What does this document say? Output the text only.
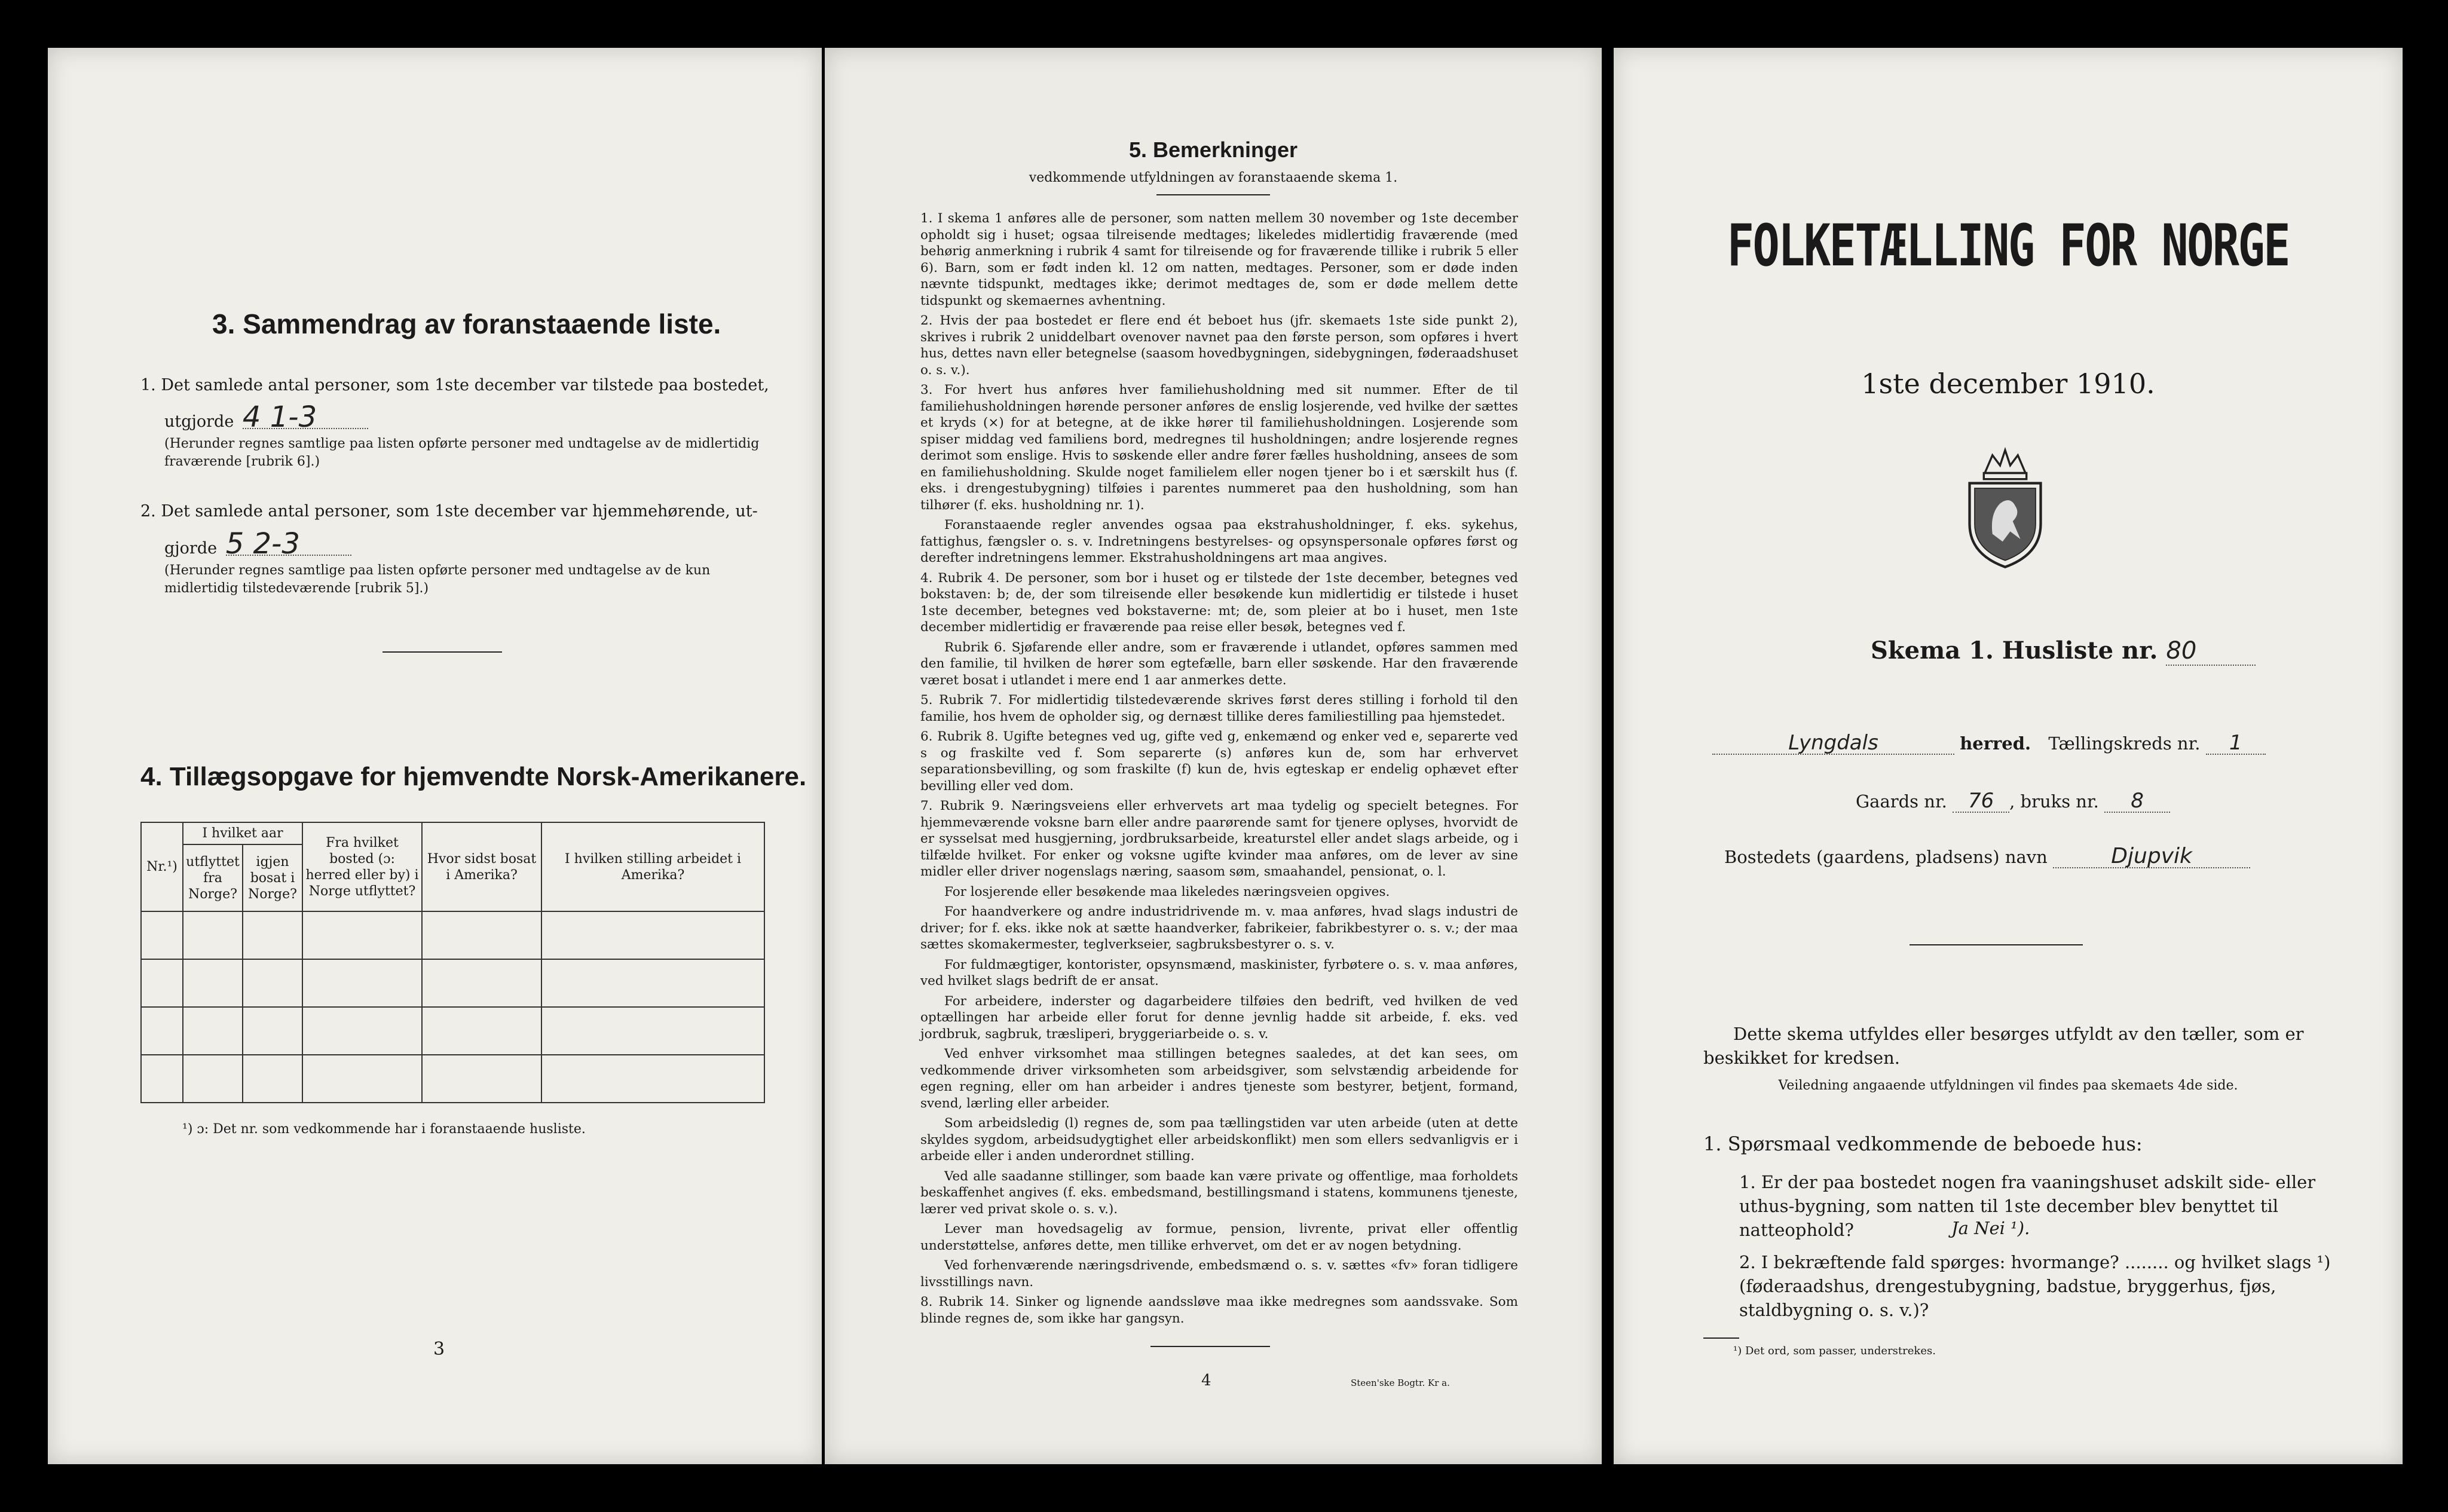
3. Sammendrag av foranstaaende liste.
1. Det samlede antal personer, som 1ste december var tilstede paa bostedet,
utgjorde 4 1-3
(Herunder regnes samtlige paa listen opførte personer med undtagelse av de midlertidig fraværende [rubrik 6].)
2. Det samlede antal personer, som 1ste december var hjemmehørende, ut-
gjorde 5 2-3
(Herunder regnes samtlige paa listen opførte personer med undtagelse av de kun midlertidig tilstedeværende [rubrik 5].)
4. Tillægsopgave for hjemvendte Norsk-Amerikanere.
Nr.¹)	I hvilket aar		Fra hvilket bosted (ɔ: herred eller by) i Norge utflyttet?	Hvor sidst bosat i Amerika?	I hvilken stilling arbeidet i Amerika?
	utflyttet fra Norge?	igjen bosat i Norge?			

¹) ɔ: Det nr. som vedkommende har i foranstaaende husliste.
3
5. Bemerkninger
vedkommende utfyldningen av foranstaaende skema 1.

1. I skema 1 anføres alle de personer, som natten mellem 30 november og 1ste december opholdt sig i huset; ogsaa tilreisende medtages; likeledes midlertidig fraværende (med behørig anmerkning i rubrik 4 samt for tilreisende og for fraværende tillike i rubrik 5 eller 6). Barn, som er født inden kl. 12 om natten, medtages. Personer, som er døde inden nævnte tidspunkt, medtages ikke; derimot medtages de, som er døde mellem dette tidspunkt og skemaernes avhentning.

2. Hvis der paa bostedet er flere end ét beboet hus (jfr. skemaets 1ste side punkt 2), skrives i rubrik 2 uniddelbart ovenover navnet paa den første person, som opføres i hvert hus, dettes navn eller betegnelse (saasom hovedbygningen, sidebygningen, føderaadshuset o. s. v.).

3. For hvert hus anføres hver familiehusholdning med sit nummer. Efter de til familiehusholdningen hørende personer anføres de enslig losjerende, ved hvilke der sættes et kryds (×) for at betegne, at de ikke hører til familiehusholdningen. Losjerende som spiser middag ved familiens bord, medregnes til husholdningen; andre losjerende regnes derimot som enslige. Hvis to søskende eller andre fører fælles husholdning, ansees de som en familiehusholdning. Skulde noget familielem eller nogen tjener bo i et særskilt hus (f. eks. i drengestubygning) tilføies i parentes nummeret paa den husholdning, som han tilhører (f. eks. husholdning nr. 1).

Foranstaaende regler anvendes ogsaa paa ekstrahusholdninger, f. eks. sykehus, fattighus, fængsler o. s. v. Indretningens bestyrelses- og opsynspersonale opføres først og derefter indretningens lemmer. Ekstrahusholdningens art maa angives.

4. Rubrik 4. De personer, som bor i huset og er tilstede der 1ste december, betegnes ved bokstaven: b; de, der som tilreisende eller besøkende kun midlertidig er tilstede i huset 1ste december, betegnes ved bokstaverne: mt; de, som pleier at bo i huset, men 1ste december midlertidig er fraværende paa reise eller besøk, betegnes ved f.

Rubrik 6. Sjøfarende eller andre, som er fraværende i utlandet, opføres sammen med den familie, til hvilken de hører som egtefælle, barn eller søskende. Har den fraværende været bosat i utlandet i mere end 1 aar anmerkes dette.

5. Rubrik 7. For midlertidig tilstedeværende skrives først deres stilling i forhold til den familie, hos hvem de opholder sig, og dernæst tillike deres familiestilling paa hjemstedet.

6. Rubrik 8. Ugifte betegnes ved ug, gifte ved g, enkemænd og enker ved e, separerte ved s og fraskilte ved f. Som separerte (s) anføres kun de, som har erhvervet separationsbevilling, og som fraskilte (f) kun de, hvis egteskap er endelig ophævet efter bevilling eller ved dom.

7. Rubrik 9. Næringsveiens eller erhvervets art maa tydelig og specielt betegnes. For hjemmeværende voksne barn eller andre paarørende samt for tjenere oplyses, hvorvidt de er sysselsat med husgjerning, jordbruksarbeide, kreaturstel eller andet slags arbeide, og i tilfælde hvilket. For enker og voksne ugifte kvinder maa anføres, om de lever av sine midler eller driver nogenslags næring, saasom søm, smaahandel, pensionat, o. l.

For losjerende eller besøkende maa likeledes næringsveien opgives.

For haandverkere og andre industridrivende m. v. maa anføres, hvad slags industri de driver; for f. eks. ikke nok at sætte haandverker, fabrikeier, fabrikbestyrer o. s. v.; der maa sættes skomakermester, teglverkseier, sagbruksbestyrer o. s. v.

For fuldmægtiger, kontorister, opsynsmænd, maskinister, fyrbøtere o. s. v. maa anføres, ved hvilket slags bedrift de er ansat.

For arbeidere, inderster og dagarbeidere tilføies den bedrift, ved hvilken de ved optællingen har arbeide eller forut for denne jevnlig hadde sit arbeide, f. eks. ved jordbruk, sagbruk, træsliperi, bryggeriarbeide o. s. v.

Ved enhver virksomhet maa stillingen betegnes saaledes, at det kan sees, om vedkommende driver virksomheten som arbeidsgiver, som selvstændig arbeidende for egen regning, eller om han arbeider i andres tjeneste som bestyrer, betjent, formand, svend, lærling eller arbeider.

Som arbeidsledig (l) regnes de, som paa tællingstiden var uten arbeide (uten at dette skyldes sygdom, arbeidsudygtighet eller arbeidskonflikt) men som ellers sedvanligvis er i arbeide eller i anden underordnet stilling.

Ved alle saadanne stillinger, som baade kan være private og offentlige, maa forholdets beskaffenhet angives (f. eks. embedsmand, bestillingsmand i statens, kommunens tjeneste, lærer ved privat skole o. s. v.).

Lever man hovedsagelig av formue, pension, livrente, privat eller offentlig understøttelse, anføres dette, men tillike erhvervet, om det er av nogen betydning.

Ved forhenværende næringsdrivende, embedsmænd o. s. v. sættes «fv» foran tidligere livsstillings navn.

8. Rubrik 14. Sinker og lignende aandssløve maa ikke medregnes som aandssvake. Som blinde regnes de, som ikke har gangsyn.

4	Steen'ske Bogtr. Kr a.
FOLKETÆLLING FOR NORGE
1ste december 1910.
Skema 1. Husliste nr. 80
Lyngdals	herred. Tællingskreds nr. 1
Gaards nr. 76 , bruks nr. 8
Bostedets (gaardens, pladsens) navn	Djupvik
Dette skema utfyldes eller besørges utfyldt av den tæller, som er beskikket for kredsen.
Veiledning angaaende utfyldningen vil findes paa skemaets 4de side.
1. Spørsmaal vedkommende de beboede hus:
1. Er der paa bostedet nogen fra vaaningshuset adskilt side- eller uthus-bygning, som natten til 1ste december blev benyttet til natteophold?	Ja Nei ¹).
2. I bekræftende fald spørges: hvormange? ........ og hvilket slags ¹) (føderaadshus, drengestubygning, badstue, bryggerhus, fjøs, staldbygning o. s. v.)?
¹) Det ord, som passer, understrekes.
